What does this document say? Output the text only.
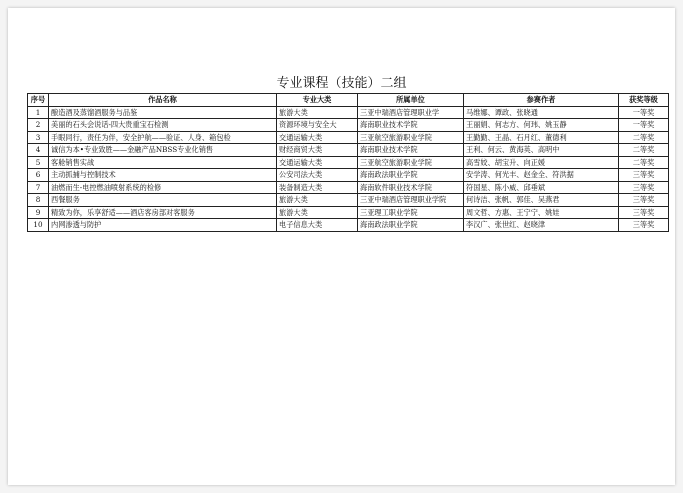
专业课程（技能）二组
序号	作品名称	专业大类	所属单位	参赛作者	获奖等级
1	酿造酒及蒸馏酒服务与品鉴	旅游大类	三亚中瑞酒店管理职业学	马维娜、谭政、张晓通	一等奖
2	美丽的石头会说话-四大贵重宝石检测	资源环境与安全大	海南职业技术学院	王丽娟、何志方、何玮、姚玉静	一等奖
3	手眼同行，责任为伴，安全护航——验证、人身、箱包检	交通运输大类	三亚航空旅游职业学院	王勤勤、王晶、石月红、董德利	二等奖
4	诚信为本•专业致胜——金融产品NBSS专业化销售	财经商贸大类	海南职业技术学院	王利、何云、黄海英、高明中	二等奖
5	客舱销售实战	交通运输大类	三亚航空旅游职业学院	高雪姣、胡宝升、向正媛	二等奖
6	主动抓捕与控制技术	公安司法大类	海南政法职业学院	安学涛、何光丰、赵金全、符洪据	三等奖
7	油燃而生-电控燃油喷射系统的检修	装备制造大类	海南软件职业技术学院	符国星、陈小威、邱垂斌	三等奖
8	西餐服务	旅游大类	三亚中瑞酒店管理职业学院	何诗洁、张帆、郭佳、吴燕君	三等奖
9	精致为你，乐享舒适——酒店客房部对客服务	旅游大类	三亚理工职业学院	周文哲、方惠、王宁宁、姚娃	三等奖
10	内网渗透与防护	电子信息大类	海南政法职业学院	李汉广、张世红、赵晓津	三等奖
